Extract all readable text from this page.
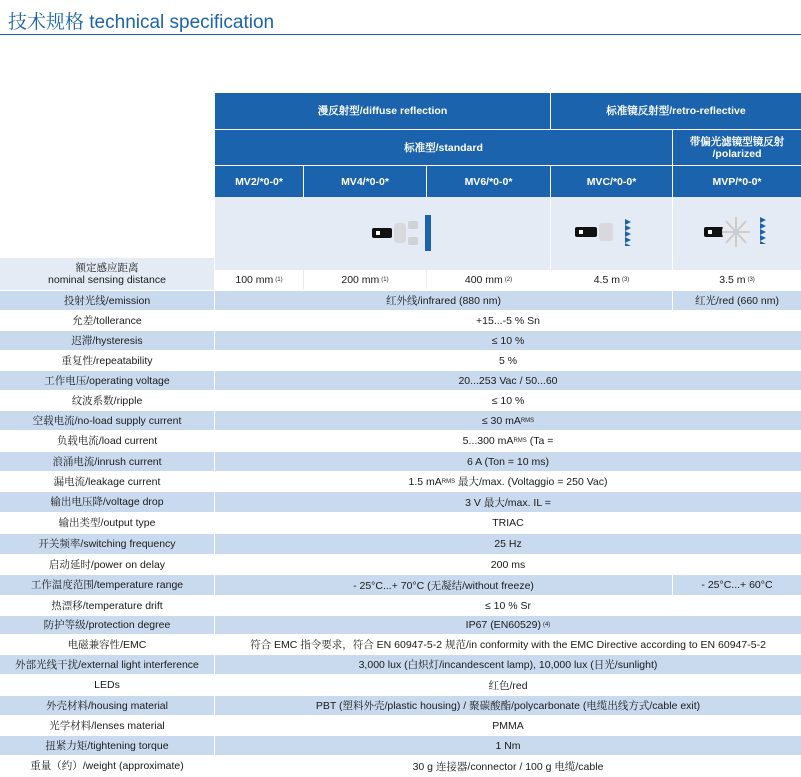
技术规格 technical specification
漫反射型/diffuse reflection	标准镜反射型/retro-reflective
标准型/standard	带偏光滤镜型镜反射
/polarized
MV2/*0-0*	MV4/*0-0*	MV6/*0-0*	MVC/*0-0*	MVP/*0-0*
额定感应距离
nominal sensing distance	100 mm (1)	200 mm (1)	400 mm (2)	4.5 m (3)	3.5 m (3)
投射光线/emission	红外线/infrared (880 nm)	红光/red (660 nm)
允差/tollerance	+15...-5 % Sn
迟滞/hysteresis	≤ 10 %
重复性/repeatability	5 %
工作电压/operating voltage	20...253 Vac / 50...60
纹波系数/ripple	≤ 10 %
空载电流/no-load supply current	≤ 30 mA RMS
负载电流/load current	5...300 mA RMS (Ta =
浪涌电流/inrush current	6 A (Ton = 10 ms)
漏电流/leakage current	1.5 mA RMS 最大/max. (Voltaggio = 250 Vac)
输出电压降/voltage drop	3 V 最大/max. IL =
输出类型/output type	TRIAC
开关频率/switching frequency	25 Hz
启动延时/power on delay	200 ms
工作温度范围/temperature range	- 25°C...+ 70°C (无凝结/without freeze)	- 25°C...+ 60°C
热漂移/temperature drift	≤ 10 % Sr
防护等级/protection degree	IP67 (EN60529) (4)
电磁兼容性/EMC	符合 EMC 指令要求，符合 EN 60947-5-2 规范/in conformity with the EMC Directive according to EN 60947-5-2
外部光线干扰/external light interference	3,000 lux (白炽灯/incandescent lamp), 10,000 lux (日光/sunlight)
LEDs	红色/red
外壳材料/housing material	PBT (塑料外壳/plastic housing) / 聚碳酸酯/polycarbonate (电缆出线方式/cable exit)
光学材料/lenses material	PMMA
扭紧力矩/tightening torque	1 Nm
重量（约）/weight (approximate)	30 g 连接器/connector / 100 g 电缆/cable
